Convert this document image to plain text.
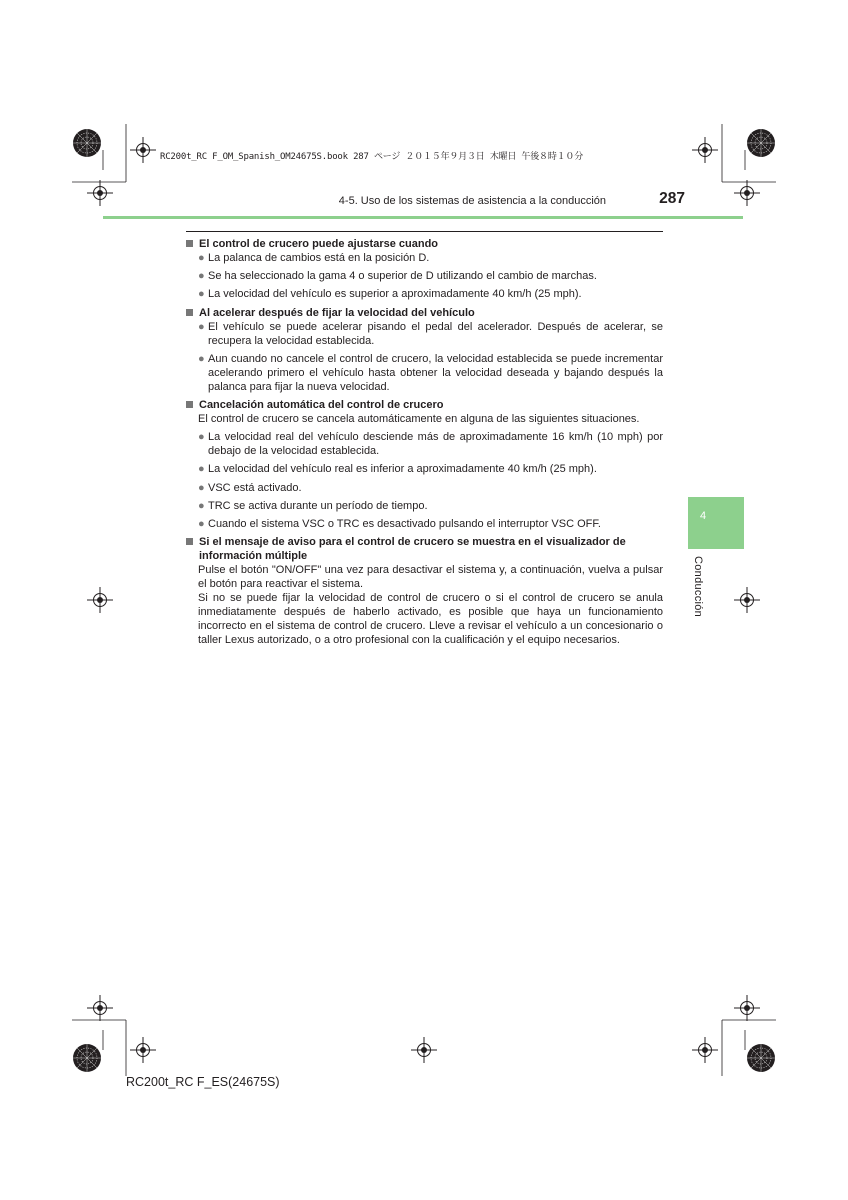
RC200t_RC F_OM_Spanish_OM24675S.book 287 ページ ２０１５年９月３日 木曜日 午後８時１０分
4-5. Uso de los sistemas de asistencia a la conducción	287
4
Conducción
El control de crucero puede ajustarse cuando
● La palanca de cambios está en la posición D.
● Se ha seleccionado la gama 4 o superior de D utilizando el cambio de marchas.
● La velocidad del vehículo es superior a aproximadamente 40 km/h (25 mph).
Al acelerar después de fijar la velocidad del vehículo
● El vehículo se puede acelerar pisando el pedal del acelerador. Después de acelerar, se recupera la velocidad establecida.
● Aun cuando no cancele el control de crucero, la velocidad establecida se puede incrementar acelerando primero el vehículo hasta obtener la velocidad deseada y bajando después la palanca para fijar la nueva velocidad.
Cancelación automática del control de crucero
El control de crucero se cancela automáticamente en alguna de las siguientes situaciones.
● La velocidad real del vehículo desciende más de aproximadamente 16 km/h (10 mph) por debajo de la velocidad establecida.
● La velocidad del vehículo real es inferior a aproximadamente 40 km/h (25 mph).
● VSC está activado.
● TRC se activa durante un período de tiempo.
● Cuando el sistema VSC o TRC es desactivado pulsando el interruptor VSC OFF.
Si el mensaje de aviso para el control de crucero se muestra en el visualizador de información múltiple

Pulse el botón "ON/OFF" una vez para desactivar el sistema y, a continuación, vuelva a pulsar el botón para reactivar el sistema.

Si no se puede fijar la velocidad de control de crucero o si el control de crucero se anula inmediatamente después de haberlo activado, es posible que haya un funcionamiento incorrecto en el sistema de control de crucero. Lleve a revisar el vehículo a un concesionario o taller Lexus autorizado, o a otro profesional con la cualificación y el equipo necesarios.

RC200t_RC F_ES(24675S)
